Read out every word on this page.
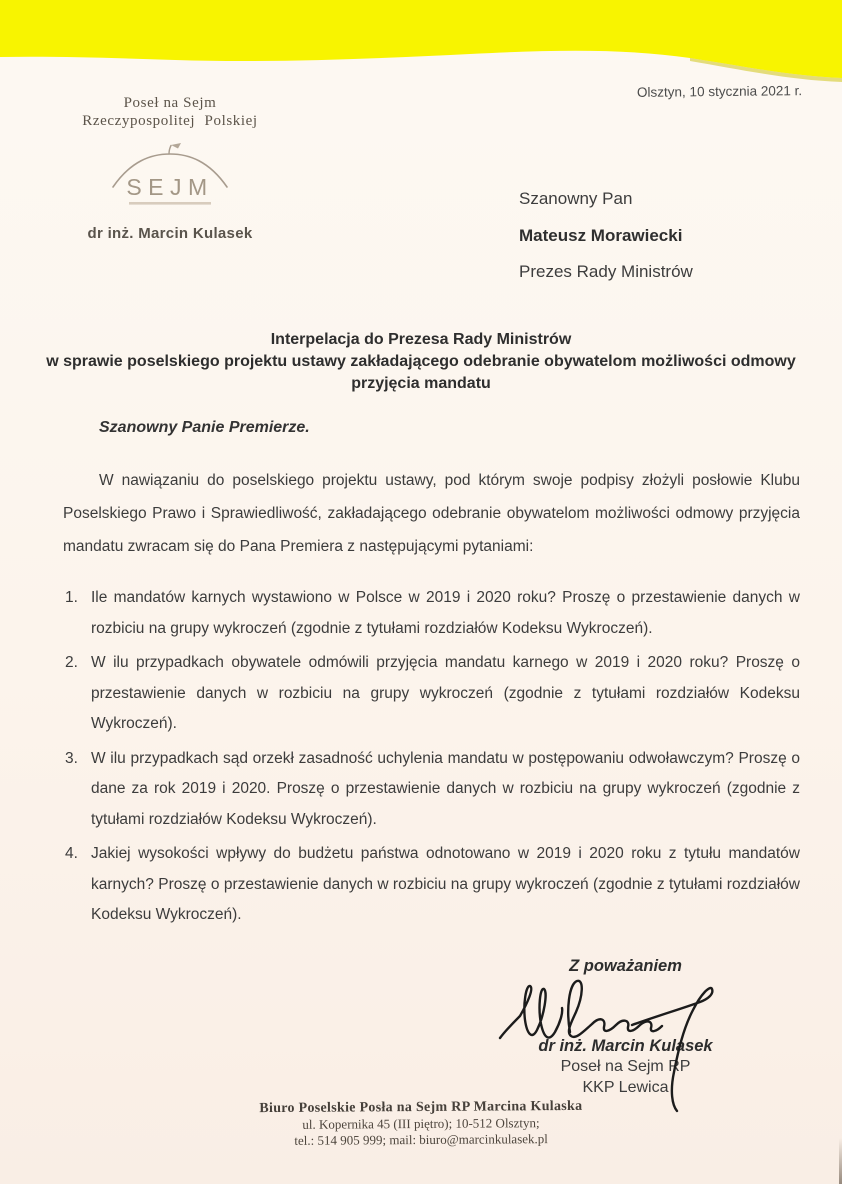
Poseł na Sejm
Rzeczypospolitej Polskiej
SEJM
dr inż. Marcin Kulasek
Olsztyn, 10 stycznia 2021 r.
Szanowny Pan
Mateusz Morawiecki
Prezes Rady Ministrów
Interpelacja do Prezesa Rady Ministrów
w sprawie poselskiego projektu ustawy zakładającego odebranie obywatelom możliwości odmowy przyjęcia mandatu
Szanowny Panie Premierze.
W nawiązaniu do poselskiego projektu ustawy, pod którym swoje podpisy złożyli posłowie Klubu Poselskiego Prawo i Sprawiedliwość, zakładającego odebranie obywatelom możliwości odmowy przyjęcia mandatu zwracam się do Pana Premiera z następującymi pytaniami:
Ile mandatów karnych wystawiono w Polsce w 2019 i 2020 roku? Proszę o przestawienie danych w rozbiciu na grupy wykroczeń (zgodnie z tytułami rozdziałów Kodeksu Wykroczeń).
W ilu przypadkach obywatele odmówili przyjęcia mandatu karnego w 2019 i 2020 roku? Proszę o przestawienie danych w rozbiciu na grupy wykroczeń (zgodnie z tytułami rozdziałów Kodeksu Wykroczeń).
W ilu przypadkach sąd orzekł zasadność uchylenia mandatu w postępowaniu odwoławczym? Proszę o dane za rok 2019 i 2020. Proszę o przestawienie danych w rozbiciu na grupy wykroczeń (zgodnie z tytułami rozdziałów Kodeksu Wykroczeń).
Jakiej wysokości wpływy do budżetu państwa odnotowano w 2019 i 2020 roku z tytułu mandatów karnych? Proszę o przestawienie danych w rozbiciu na grupy wykroczeń (zgodnie z tytułami rozdziałów Kodeksu Wykroczeń).
Z poważaniem
dr inż. Marcin Kulasek
Poseł na Sejm RP
KKP Lewica
Biuro Poselskie Posła na Sejm RP Marcina Kulaska
ul. Kopernika 45 (III piętro); 10-512 Olsztyn;
tel.: 514 905 999; mail: biuro@marcinkulasek.pl
